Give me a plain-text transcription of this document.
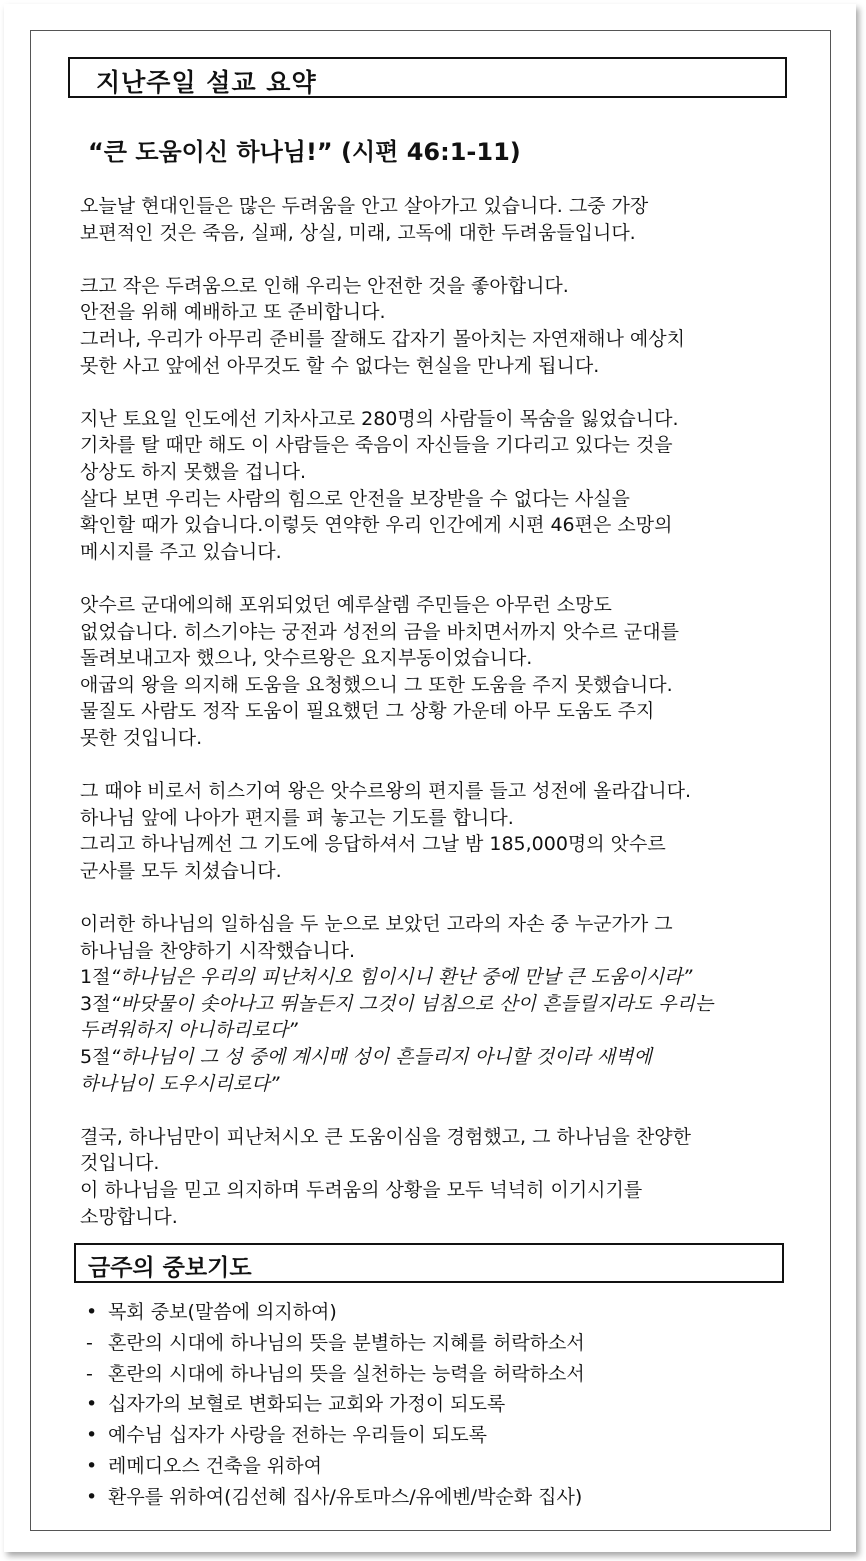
지난주일 설교 요약
“큰 도움이신 하나님!” (시편 46:1-11)

오늘날 현대인들은 많은 두려움을 안고 살아가고 있습니다. 그중 가장
보편적인 것은 죽음, 실패, 상실, 미래, 고독에 대한 두려움들입니다.

크고 작은 두려움으로 인해 우리는 안전한 것을 좋아합니다.
안전을 위해 예배하고 또 준비합니다.
그러나, 우리가 아무리 준비를 잘해도 갑자기 몰아치는 자연재해나 예상치
못한 사고 앞에선 아무것도 할 수 없다는 현실을 만나게 됩니다.

지난 토요일 인도에선 기차사고로 280명의 사람들이 목숨을 잃었습니다.
기차를 탈 때만 해도 이 사람들은 죽음이 자신들을 기다리고 있다는 것을
상상도 하지 못했을 겁니다.
살다 보면 우리는 사람의 힘으로 안전을 보장받을 수 없다는 사실을
확인할 때가 있습니다.이렇듯 연약한 우리 인간에게 시편 46편은 소망의
메시지를 주고 있습니다.

앗수르 군대에의해 포위되었던 예루살렘 주민들은 아무런 소망도
없었습니다. 히스기야는 궁전과 성전의 금을 바치면서까지 앗수르 군대를
돌려보내고자 했으나, 앗수르왕은 요지부동이었습니다.
애굽의 왕을 의지해 도움을 요청했으니 그 또한 도움을 주지 못했습니다.
물질도 사람도 정작 도움이 필요했던 그 상황 가운데 아무 도움도 주지
못한 것입니다.

그 때야 비로서 히스기여 왕은 앗수르왕의 편지를 들고 성전에 올라갑니다.
하나님 앞에 나아가 편지를 펴 놓고는 기도를 합니다.
그리고 하나님께선 그 기도에 응답하셔서 그날 밤 185,000명의 앗수르
군사를 모두 치셨습니다.

이러한 하나님의 일하심을 두 눈으로 보았던 고라의 자손 중 누군가가 그
하나님을 찬양하기 시작했습니다.
1절“하나님은 우리의 피난처시오 힘이시니 환난 중에 만날 큰 도움이시라”
3절“바닷물이 솟아나고 뛰놀든지 그것이 넘침으로 산이 흔들릴지라도 우리는
두려워하지 아니하리로다”
5절“하나님이 그 성 중에 계시매 성이 흔들리지 아니할 것이라 새벽에
하나님이 도우시리로다”

결국, 하나님만이 피난처시오 큰 도움이심을 경험했고, 그 하나님을 찬양한
것입니다.
이 하나님을 믿고 의지하며 두려움의 상황을 모두 넉넉히 이기시기를
소망합니다.

금주의 중보기도
• 목회 중보(말씀에 의지하여)
- 혼란의 시대에 하나님의 뜻을 분별하는 지혜를 허락하소서
- 혼란의 시대에 하나님의 뜻을 실천하는 능력을 허락하소서
• 십자가의 보혈로 변화되는 교회와 가정이 되도록
• 예수님 십자가 사랑을 전하는 우리들이 되도록
• 레메디오스 건축을 위하여
• 환우를 위하여(김선혜 집사/유토마스/유에벤/박순화 집사)
